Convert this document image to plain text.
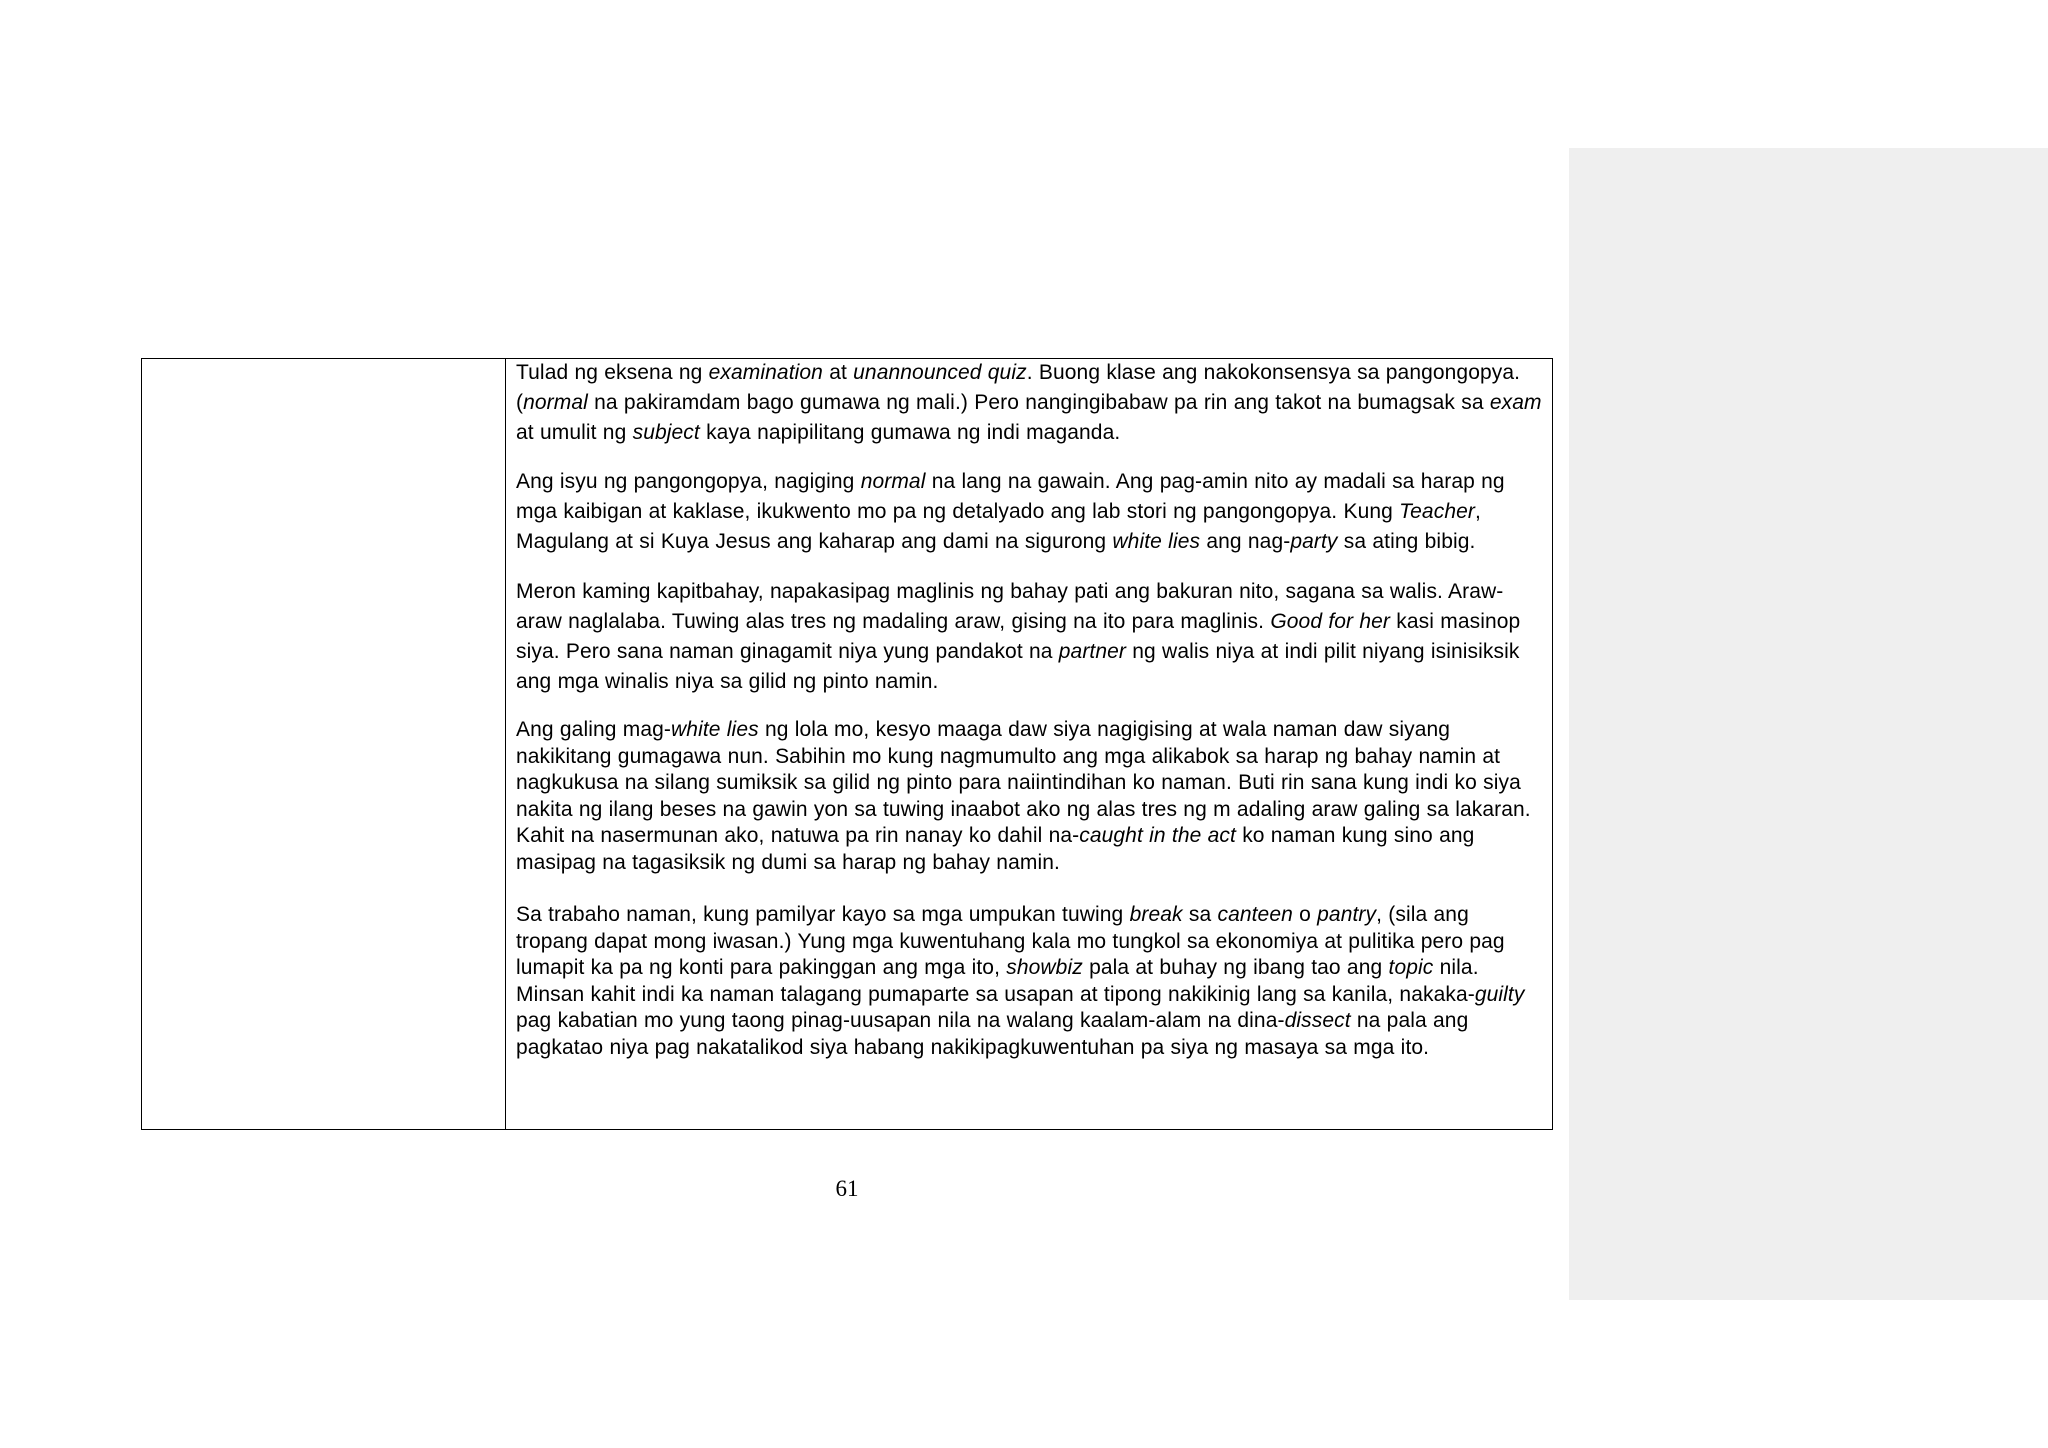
Tulad ng eksena ng examination at unannounced quiz. Buong klase ang nakokonsensya sa pangongopya. (normal na pakiramdam bago gumawa ng mali.) Pero nangingibabaw pa rin ang takot na bumagsak sa exam at umulit ng subject kaya napipilitang gumawa ng indi maganda.

Ang isyu ng pangongopya, nagiging normal na lang na gawain. Ang pag-amin nito ay madali sa harap ng mga kaibigan at kaklase, ikukwento mo pa ng detalyado ang lab stori ng pangongopya. Kung Teacher, Magulang at si Kuya Jesus ang kaharap ang dami na sigurong white lies ang nag-party sa ating bibig.

Meron kaming kapitbahay, napakasipag maglinis ng bahay pati ang bakuran nito, sagana sa walis. Araw-araw naglalaba. Tuwing alas tres ng madaling araw, gising na ito para maglinis. Good for her kasi masinop siya. Pero sana naman ginagamit niya yung pandakot na partner ng walis niya at indi pilit niyang isinisiksik ang mga winalis niya sa gilid ng pinto namin.

Ang galing mag-white lies ng lola mo, kesyo maaga daw siya nagigising at wala naman daw siyang nakikitang gumagawa nun. Sabihin mo kung nagmumulto ang mga alikabok sa harap ng bahay namin at nagkukusa na silang sumiksik sa gilid ng pinto para naiintindihan ko naman. Buti rin sana kung indi ko siya nakita ng ilang beses na gawin yon sa tuwing inaabot ako ng alas tres ng m adaling araw galing sa lakaran. Kahit na nasermunan ako, natuwa pa rin nanay ko dahil na-caught in the act ko naman kung sino ang masipag na tagasiksik ng dumi sa harap ng bahay namin.

Sa trabaho naman, kung pamilyar kayo sa mga umpukan tuwing break sa canteen o pantry, (sila ang tropang dapat mong iwasan.) Yung mga kuwentuhang kala mo tungkol sa ekonomiya at pulitika pero pag lumapit ka pa ng konti para pakinggan ang mga ito, showbiz pala at buhay ng ibang tao ang topic nila. Minsan kahit indi ka naman talagang pumaparte sa usapan at tipong nakikinig lang sa kanila, nakaka-guilty pag kabatian mo yung taong pinag-uusapan nila na walang kaalam-alam na dina-dissect na pala ang pagkatao niya pag nakatalikod siya habang nakikipagkuwentuhan pa siya ng masaya sa mga ito.

61
